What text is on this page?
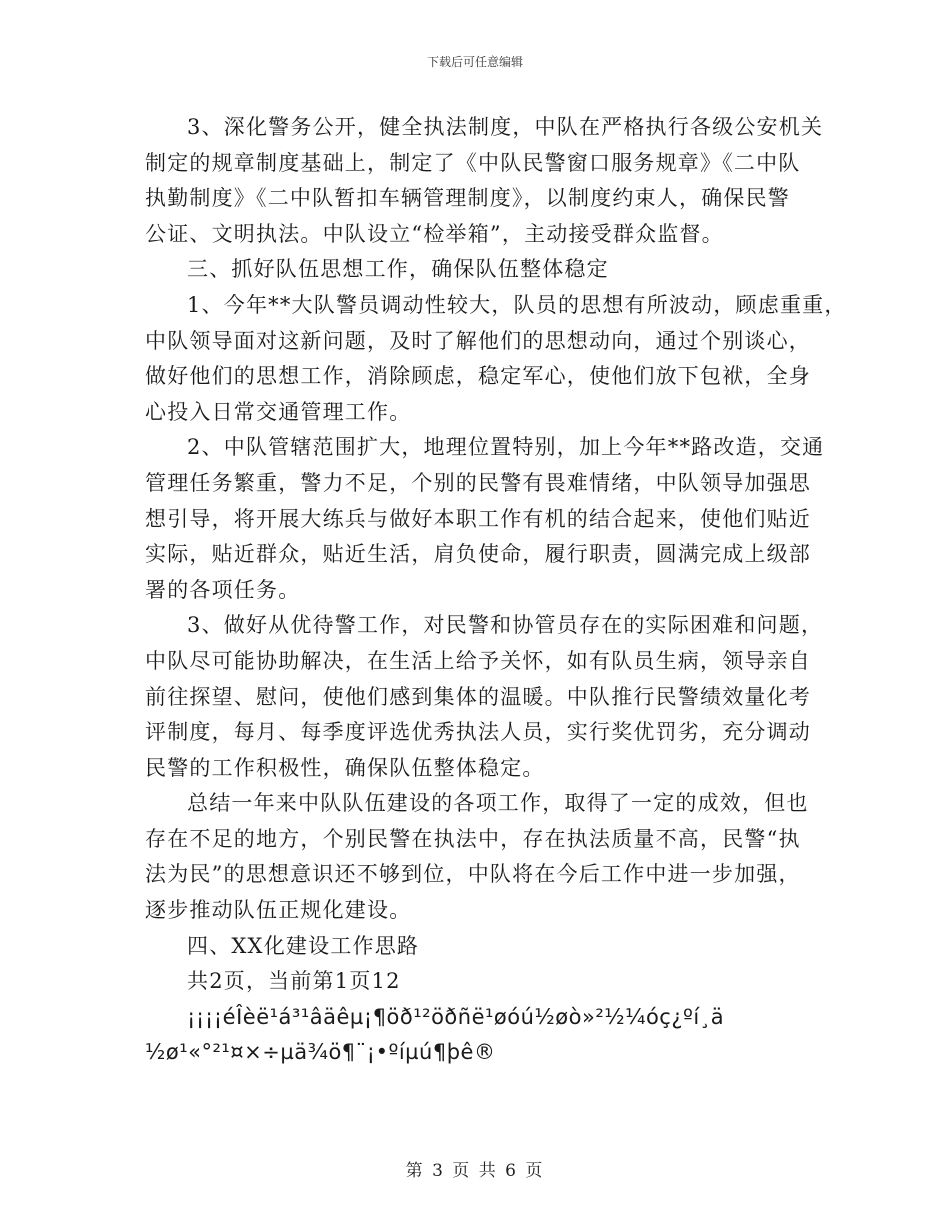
下载后可任意编辑
3、深化警务公开，健全执法制度，中队在严格执行各级公安机关
制定的规章制度基础上，制定了《中队民警窗口服务规章》《二中队
执勤制度》《二中队暂扣车辆管理制度》，以制度约束人，确保民警
公证、文明执法。中队设立“检举箱”，主动接受群众监督。
三、抓好队伍思想工作，确保队伍整体稳定
1、今年**大队警员调动性较大，队员的思想有所波动，顾虑重重，
中队领导面对这新问题，及时了解他们的思想动向，通过个别谈心，
做好他们的思想工作，消除顾虑，稳定军心，使他们放下包袱，全身
心投入日常交通管理工作。
2、中队管辖范围扩大，地理位置特别，加上今年**路改造，交通
管理任务繁重，警力不足，个别的民警有畏难情绪，中队领导加强思
想引导，将开展大练兵与做好本职工作有机的结合起来，使他们贴近
实际，贴近群众，贴近生活，肩负使命，履行职责，圆满完成上级部
署的各项任务。
3、做好从优待警工作，对民警和协管员存在的实际困难和问题，
中队尽可能协助解决，在生活上给予关怀，如有队员生病，领导亲自
前往探望、慰问，使他们感到集体的温暖。中队推行民警绩效量化考
评制度，每月、每季度评选优秀执法人员，实行奖优罚劣，充分调动
民警的工作积极性，确保队伍整体稳定。
总结一年来中队队伍建设的各项工作，取得了一定的成效，但也
存在不足的地方，个别民警在执法中，存在执法质量不高，民警“执
法为民”的思想意识还不够到位，中队将在今后工作中进一步加强，
逐步推动队伍正规化建设。
四、XX化建设工作思路
共2页，当前第1页12
¡¡¡¡éÎèë¹á³¹âäêµ¡¶öð¹²öðñë¹øóú½øò»²½¼óç¿ºí¸ä
½ø¹«°²¹¤×÷µä¾ö¶¨¡•ºíµú¶þê®
第 3 页 共 6 页
